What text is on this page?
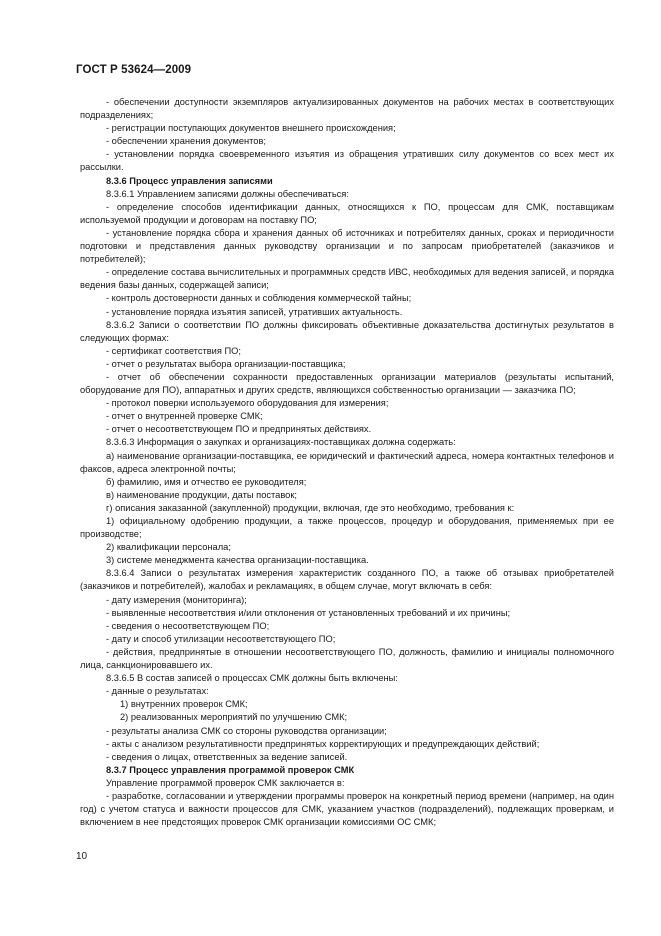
ГОСТ Р 53624—2009

- обеспечении доступности экземпляров актуализированных документов на рабочих местах в соответствующих подразделениях;

- регистрации поступающих документов внешнего происхождения;

- обеспечении хранения документов;

- установлении порядка своевременного изъятия из обращения утративших силу документов со всех мест их рассылки.

8.3.6 Процесс управления записями

8.3.6.1 Управлением записями должны обеспечиваться:

- определение способов идентификации данных, относящихся к ПО, процессам для СМК, поставщикам используемой продукции и договорам на поставку ПО;

- установление порядка сбора и хранения данных об источниках и потребителях данных, сроках и периодичности подготовки и представления данных руководству организации и по запросам приобретателей (заказчиков и потребителей);

- определение состава вычислительных и программных средств ИВС, необходимых для ведения записей, и порядка ведения базы данных, содержащей записи;

- контроль достоверности данных и соблюдения коммерческой тайны;

- установление порядка изъятия записей, утративших актуальность.

8.3.6.2 Записи о соответствии ПО должны фиксировать объективные доказательства достигнутых результатов в следующих формах:

- сертификат соответствия ПО;

- отчет о результатах выбора организации-поставщика;

- отчет об обеспечении сохранности предоставленных организации материалов (результаты испытаний, оборудование для ПО), аппаратных и других средств, являющихся собственностью организации — заказчика ПО;

- протокол поверки используемого оборудования для измерения;

- отчет о внутренней проверке СМК;

- отчет о несоответствующем ПО и предпринятых действиях.

8.3.6.3 Информация о закупках и организациях-поставщиках должна содержать:

а) наименование организации-поставщика, ее юридический и фактический адреса, номера контактных телефонов и факсов, адреса электронной почты;

б) фамилию, имя и отчество ее руководителя;

в) наименование продукции, даты поставок;

г) описания заказанной (закупленной) продукции, включая, где это необходимо, требования к:

1) официальному одобрению продукции, а также процессов, процедур и оборудования, применяемых при ее производстве;

2) квалификации персонала;

3) системе менеджмента качества организации-поставщика.

8.3.6.4 Записи о результатах измерения характеристик созданного ПО, а также об отзывах приобретателей (заказчиков и потребителей), жалобах и рекламациях, в общем случае, могут включать в себя:

- дату измерения (мониторинга);

- выявленные несоответствия и/или отклонения от установленных требований и их причины;

- сведения о несоответствующем ПО;

- дату и способ утилизации несоответствующего ПО;

- действия, предпринятые в отношении несоответствующего ПО, должность, фамилию и инициалы полномочного лица, санкционировавшего их.

8.3.6.5 В состав записей о процессах СМК должны быть включены:

- данные о результатах:

1) внутренних проверок СМК;

2) реализованных мероприятий по улучшению СМК;

- результаты анализа СМК со стороны руководства организации;

- акты с анализом результативности предпринятых корректирующих и предупреждающих действий;

- сведения о лицах, ответственных за ведение записей.

8.3.7 Процесс управления программой проверок СМК

Управление программой проверок СМК заключается в:

- разработке, согласовании и утверждении программы проверок на конкретный период времени (например, на один год) с учетом статуса и важности процессов для СМК, указанием участков (подразделений), подлежащих проверкам, и включением в нее предстоящих проверок СМК организации комиссиями ОС СМК;

10
